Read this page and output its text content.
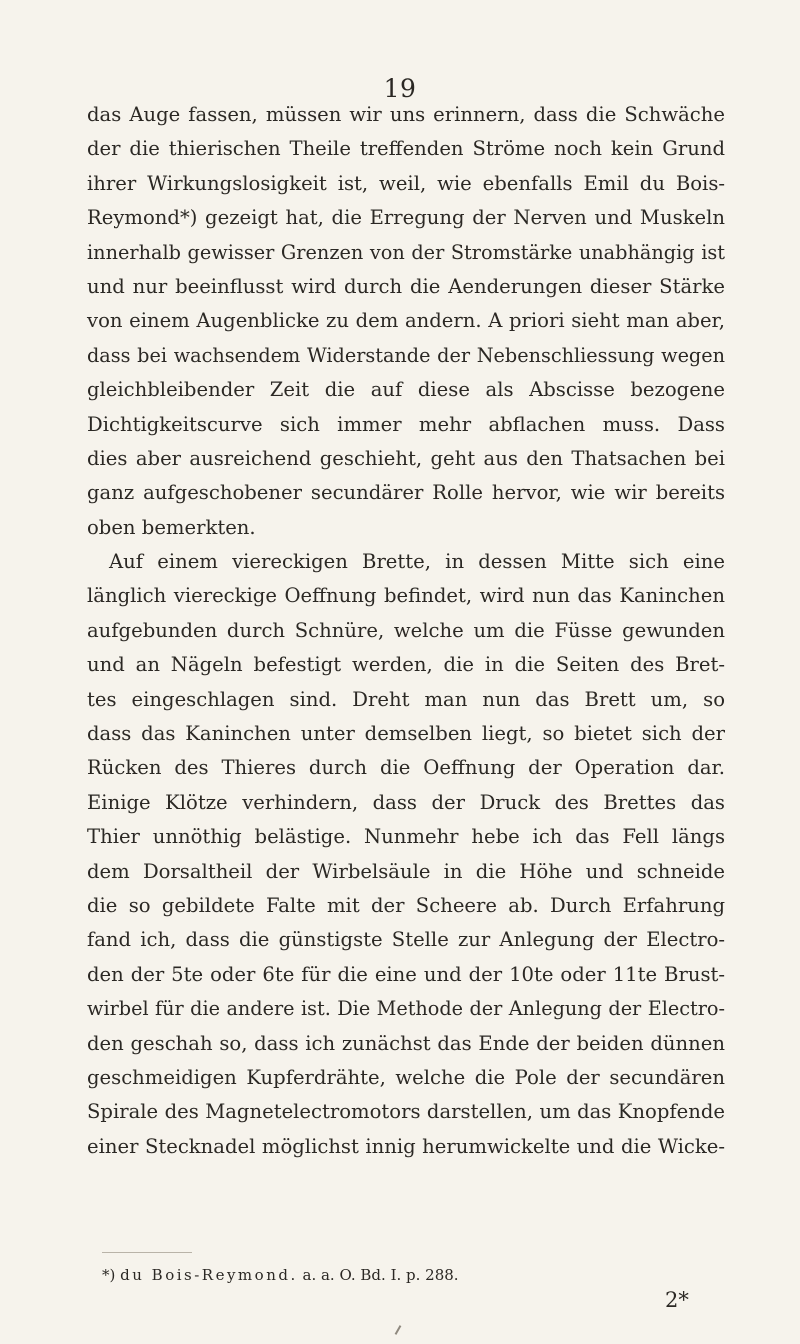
19
das Auge fassen, müssen wir uns erinnern, dass die Schwäche
der die thierischen Theile treffenden Ströme noch kein Grund
ihrer Wirkungslosigkeit ist, weil, wie ebenfalls Emil du Bois-
Reymond*) gezeigt hat, die Erregung der Nerven und Muskeln
innerhalb gewisser Grenzen von der Stromstärke unabhängig ist
und nur beeinflusst wird durch die Aenderungen dieser Stärke
von einem Augenblicke zu dem andern. A priori sieht man aber,
dass bei wachsendem Widerstande der Nebenschliessung wegen
gleichbleibender Zeit die auf diese als Abscisse bezogene
Dichtigkeitscurve sich immer mehr abflachen muss. Dass
dies aber ausreichend geschieht, geht aus den Thatsachen bei
ganz aufgeschobener secundärer Rolle hervor, wie wir bereits
oben bemerkten.
Auf einem viereckigen Brette, in dessen Mitte sich eine
länglich viereckige Oeffnung befindet, wird nun das Kaninchen
aufgebunden durch Schnüre, welche um die Füsse gewunden
und an Nägeln befestigt werden, die in die Seiten des Bret-
tes eingeschlagen sind. Dreht man nun das Brett um, so
dass das Kaninchen unter demselben liegt, so bietet sich der
Rücken des Thieres durch die Oeffnung der Operation dar.
Einige Klötze verhindern, dass der Druck des Brettes das
Thier unnöthig belästige. Nunmehr hebe ich das Fell längs
dem Dorsaltheil der Wirbelsäule in die Höhe und schneide
die so gebildete Falte mit der Scheere ab. Durch Erfahrung
fand ich, dass die günstigste Stelle zur Anlegung der Electro-
den der 5te oder 6te für die eine und der 10te oder 11te Brust-
wirbel für die andere ist. Die Methode der Anlegung der Electro-
den geschah so, dass ich zunächst das Ende der beiden dünnen
geschmeidigen Kupferdrähte, welche die Pole der secundären
Spirale des Magnetelectromotors darstellen, um das Knopfende
einer Stecknadel möglichst innig herumwickelte und die Wicke-
*) du Bois-Reymond. a. a. O. Bd. I. p. 288.
2*
